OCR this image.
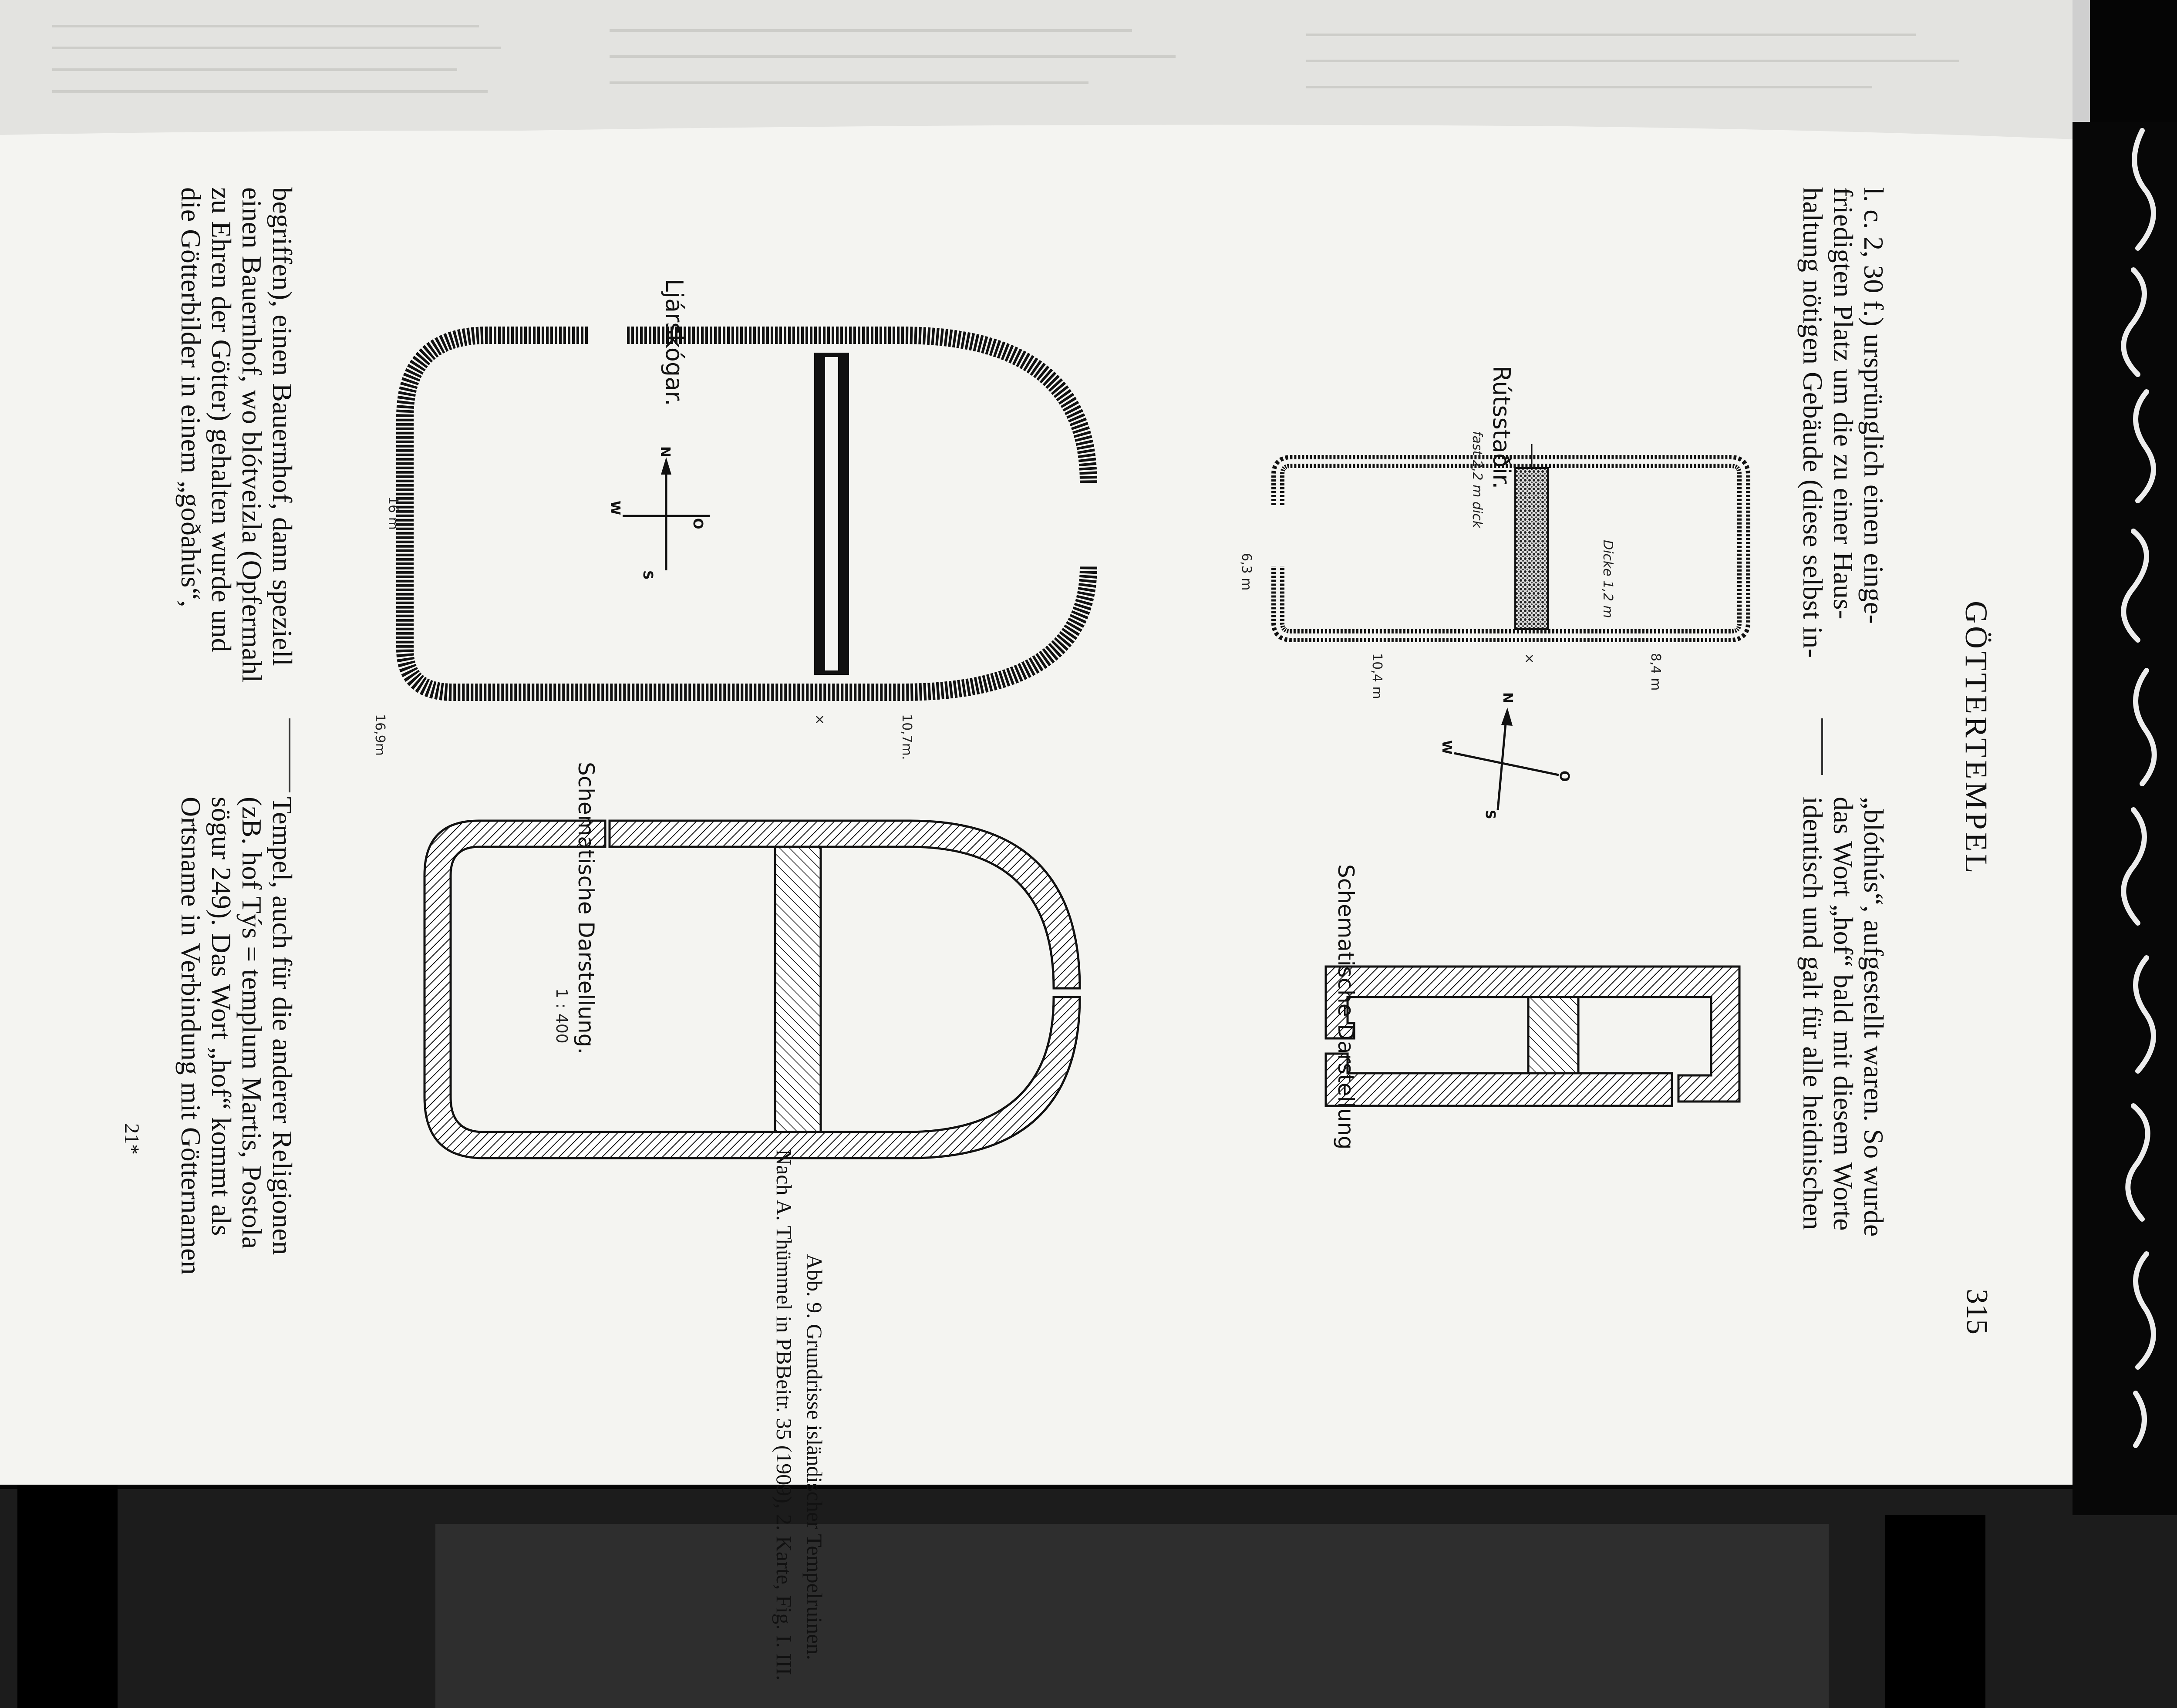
GÖTTERTEMPEL
315
l. c. 2, 30 f.) ursprünglich einen einge-
friedigten Platz um die zu einer Haus-
haltung nötigen Gebäude (diese selbst in-
„blóthús“, aufgestellt waren. So wurde
das Wort „hof“ bald mit diesem Worte
identisch und galt für alle heidnischen
begriffen), einen Bauernhof, dann speziell
einen Bauernhof, wo blótveizla (Opfermahl
zu Ehren der Götter) gehalten wurde und
die Götterbilder in einem „goðahús“,
Tempel, auch für die anderer Religionen
(zB. hof Týs = templum Martis, Postola
sögur 249). Das Wort „hof“ kommt als
Ortsname in Verbindung mit Götternamen
21*
Abb. 9. Grundrisse isländischer Tempelruinen.
Nach A. Thümmel in PBBeitr. 35 (1909), 2. Karte, Fig. I. III.
Ljárskógar.
Schematische Darstellung.
16 m
16,9m	×	10,7m.
1 : 400
N
S
W
O
Rútsstaðir.
fast 2,2 m dick
Dicke 1,2 m
6,3 m
10,4 m	×	8,4 m
Schematische Darstellung
N
S
W
O
